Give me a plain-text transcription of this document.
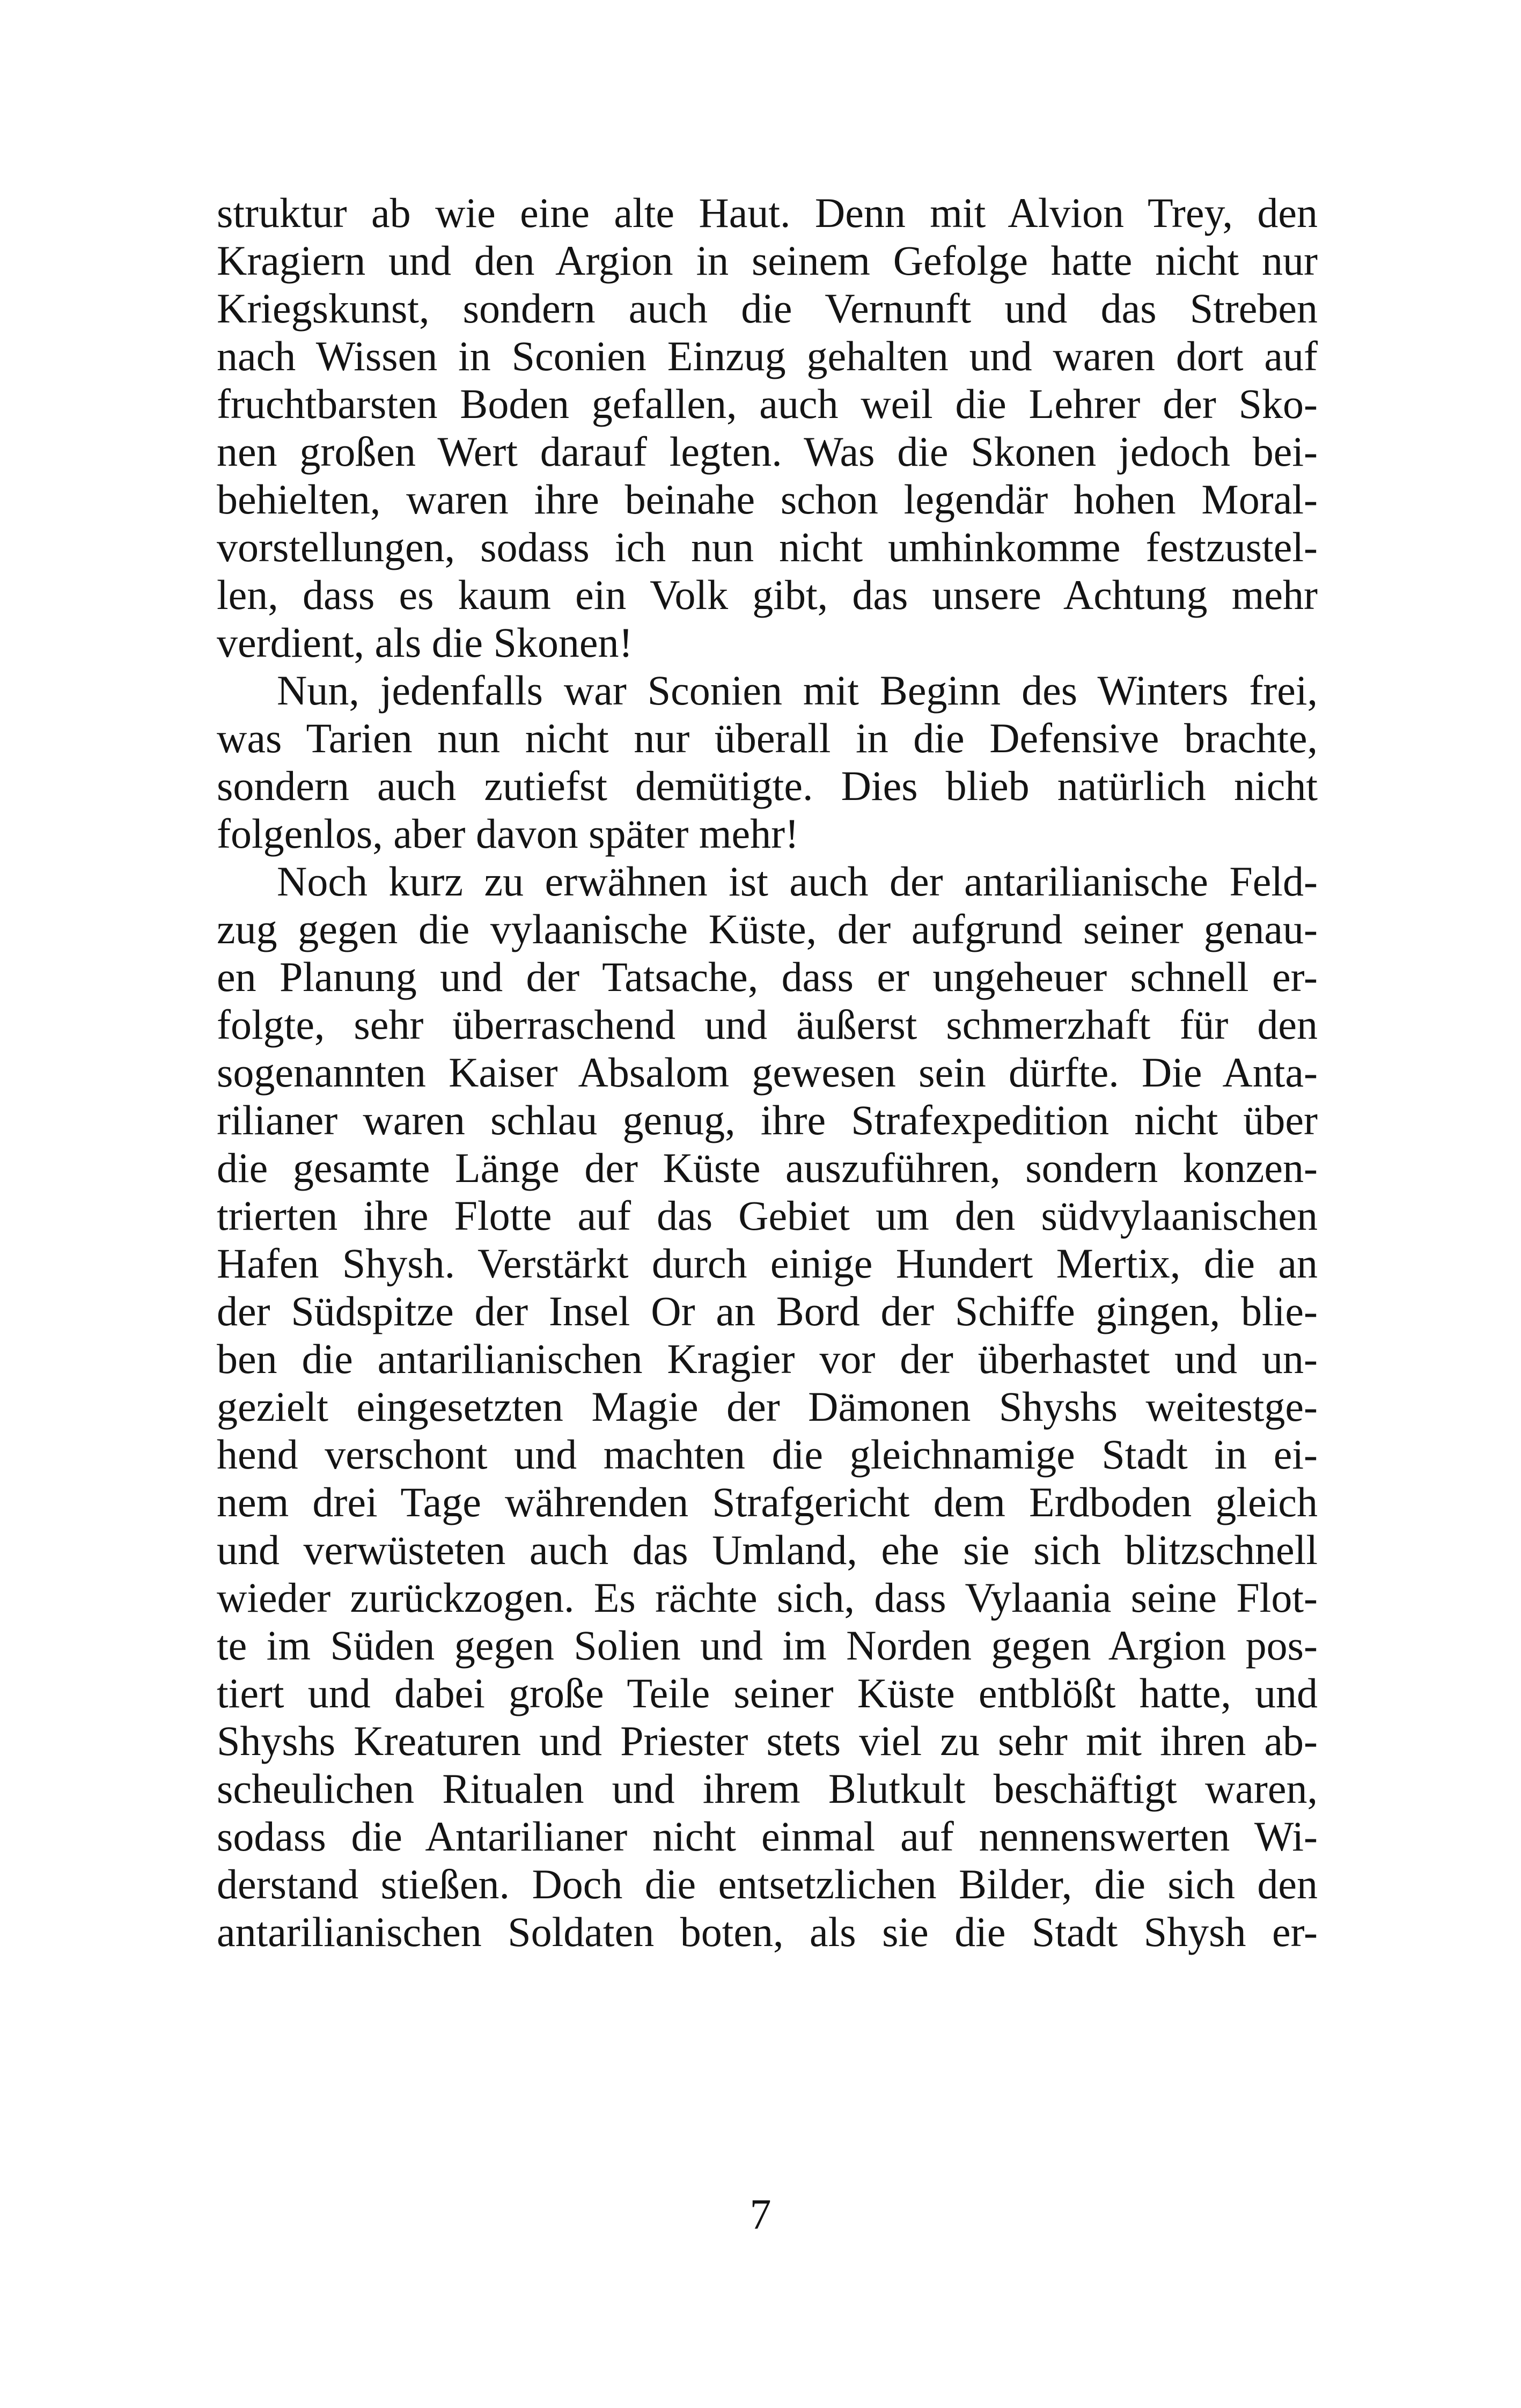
struktur ab wie eine alte Haut. Denn mit Alvion Trey, den
Kragiern und den Argion in seinem Gefolge hatte nicht nur
Kriegskunst, sondern auch die Vernunft und das Streben
nach Wissen in Sconien Einzug gehalten und waren dort auf
fruchtbarsten Boden gefallen, auch weil die Lehrer der Sko-
nen großen Wert darauf legten. Was die Skonen jedoch bei-
behielten, waren ihre beinahe schon legendär hohen Moral-
vorstellungen, sodass ich nun nicht umhinkomme festzustel-
len, dass es kaum ein Volk gibt, das unsere Achtung mehr
verdient, als die Skonen!
Nun, jedenfalls war Sconien mit Beginn des Winters frei,
was Tarien nun nicht nur überall in die Defensive brachte,
sondern auch zutiefst demütigte. Dies blieb natürlich nicht
folgenlos, aber davon später mehr!
Noch kurz zu erwähnen ist auch der antarilianische Feld-
zug gegen die vylaanische Küste, der aufgrund seiner genau-
en Planung und der Tatsache, dass er ungeheuer schnell er-
folgte, sehr überraschend und äußerst schmerzhaft für den
sogenannten Kaiser Absalom gewesen sein dürfte. Die Anta-
rilianer waren schlau genug, ihre Strafexpedition nicht über
die gesamte Länge der Küste auszuführen, sondern konzen-
trierten ihre Flotte auf das Gebiet um den südvylaanischen
Hafen Shysh. Verstärkt durch einige Hundert Mertix, die an
der Südspitze der Insel Or an Bord der Schiffe gingen, blie-
ben die antarilianischen Kragier vor der überhastet und un-
gezielt eingesetzten Magie der Dämonen Shyshs weitestge-
hend verschont und machten die gleichnamige Stadt in ei-
nem drei Tage währenden Strafgericht dem Erdboden gleich
und verwüsteten auch das Umland, ehe sie sich blitzschnell
wieder zurückzogen. Es rächte sich, dass Vylaania seine Flot-
te im Süden gegen Solien und im Norden gegen Argion pos-
tiert und dabei große Teile seiner Küste entblößt hatte, und
Shyshs Kreaturen und Priester stets viel zu sehr mit ihren ab-
scheulichen Ritualen und ihrem Blutkult beschäftigt waren,
sodass die Antarilianer nicht einmal auf nennenswerten Wi-
derstand stießen. Doch die entsetzlichen Bilder, die sich den
antarilianischen Soldaten boten, als sie die Stadt Shysh er-
7
